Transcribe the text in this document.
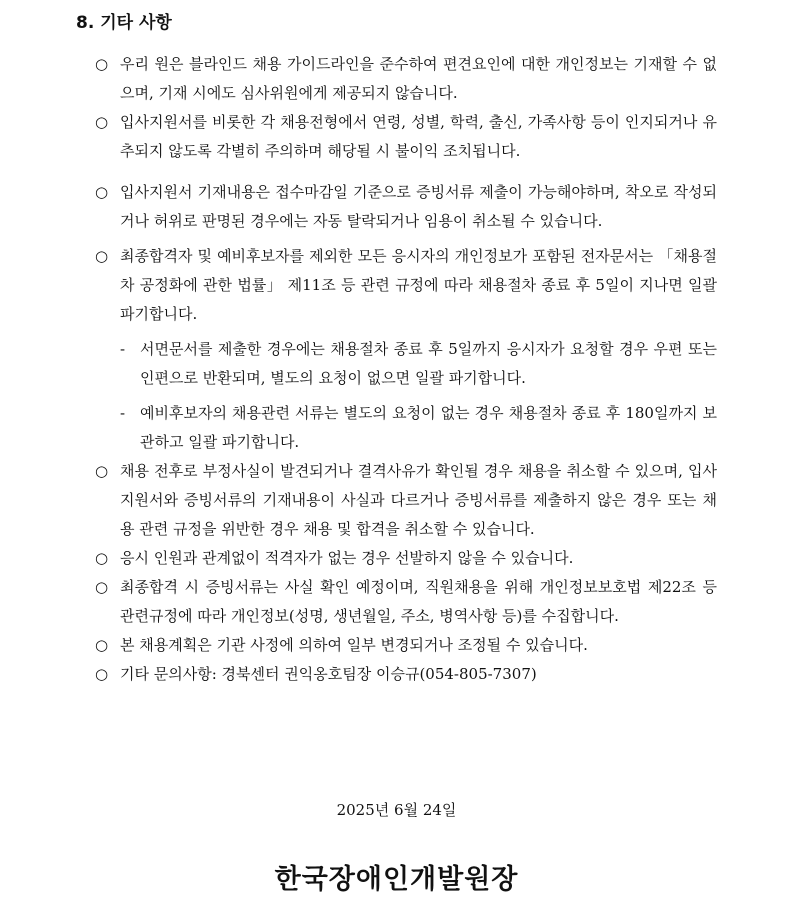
8. 기타 사항
○ 우리 원은 블라인드 채용 가이드라인을 준수하여 편견요인에 대한 개인정보는 기재할 수 없으며, 기재 시에도 심사위원에게 제공되지 않습니다.
○ 입사지원서를 비롯한 각 채용전형에서 연령, 성별, 학력, 출신, 가족사항 등이 인지되거나 유추되지 않도록 각별히 주의하며 해당될 시 불이익 조치됩니다.
○ 입사지원서 기재내용은 접수마감일 기준으로 증빙서류 제출이 가능해야하며, 착오로 작성되거나 허위로 판명된 경우에는 자동 탈락되거나 임용이 취소될 수 있습니다.
○ 최종합격자 및 예비후보자를 제외한 모든 응시자의 개인정보가 포함된 전자문서는 「채용절차 공정화에 관한 법률」 제11조 등 관련 규정에 따라 채용절차 종료 후 5일이 지나면 일괄 파기합니다.
- 서면문서를 제출한 경우에는 채용절차 종료 후 5일까지 응시자가 요청할 경우 우편 또는 인편으로 반환되며, 별도의 요청이 없으면 일괄 파기합니다.
- 예비후보자의 채용관련 서류는 별도의 요청이 없는 경우 채용절차 종료 후 180일까지 보관하고 일괄 파기합니다.
○ 채용 전후로 부정사실이 발견되거나 결격사유가 확인될 경우 채용을 취소할 수 있으며, 입사지원서와 증빙서류의 기재내용이 사실과 다르거나 증빙서류를 제출하지 않은 경우 또는 채용 관련 규정을 위반한 경우 채용 및 합격을 취소할 수 있습니다.
○ 응시 인원과 관계없이 적격자가 없는 경우 선발하지 않을 수 있습니다.
○ 최종합격 시 증빙서류는 사실 확인 예정이며, 직원채용을 위해 개인정보보호법 제22조 등 관련규정에 따라 개인정보(성명, 생년월일, 주소, 병역사항 등)를 수집합니다.
○ 본 채용계획은 기관 사정에 의하여 일부 변경되거나 조정될 수 있습니다.
○ 기타 문의사항: 경북센터 권익옹호팀장 이승규(054-805-7307)
2025년 6월 24일
한국장애인개발원장
